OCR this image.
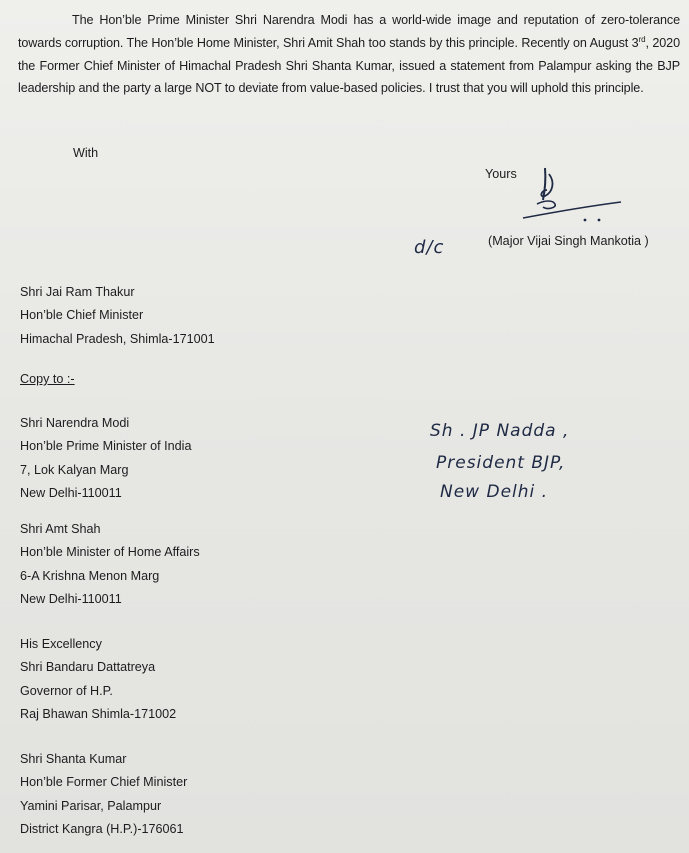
The Hon’ble Prime Minister Shri Narendra Modi has a world-wide image and reputation of zero-tolerance towards corruption. The Hon’ble Home Minister, Shri Amit Shah too stands by this principle. Recently on August 3rd, 2020 the Former Chief Minister of Himachal Pradesh Shri Shanta Kumar, issued a statement from Palampur asking the BJP leadership and the party a large NOT to deviate from value-based policies. I trust that you will uphold this principle.

With
Yours
d/c	(Major Vijai Singh Mankotia )
Shri Jai Ram Thakur
Hon’ble Chief Minister
Himachal Pradesh, Shimla-171001
Copy to :-
Shri Narendra Modi
Hon’ble Prime Minister of India
7, Lok Kalyan Marg
New Delhi-110011
Shri Amt Shah
Hon’ble Minister of Home Affairs
6-A Krishna Menon Marg
New Delhi-110011
His Excellency
Shri Bandaru Dattatreya
Governor of H.P.
Raj Bhawan Shimla-171002
Shri Shanta Kumar
Hon’ble Former Chief Minister
Yamini Parisar, Palampur
District Kangra (H.P.)-176061
Sh . JP Nadda ,
President BJP,
New Delhi .
